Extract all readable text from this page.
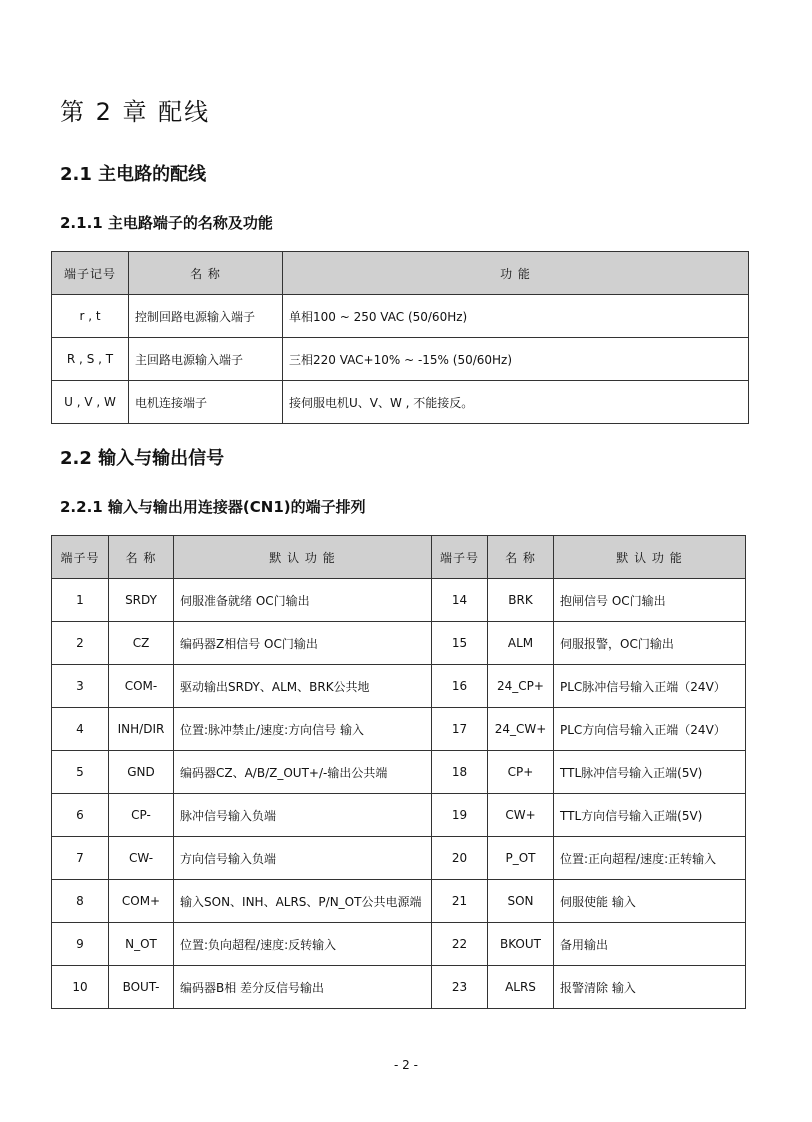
第 2 章 配线
2.1 主电路的配线
2.1.1 主电路端子的名称及功能
端子记号	名 称	功 能
r , t	控制回路电源输入端子	单相100 ~ 250 VAC (50/60Hz)
R , S , T	主回路电源输入端子	三相220 VAC+10% ~ -15% (50/60Hz)
U , V , W	电机连接端子	接伺服电机U、V、W , 不能接反。
2.2 输入与输出信号
2.2.1 输入与输出用连接器(CN1)的端子排列
端子号	名 称	默 认 功 能	端子号	名 称	默 认 功 能
1	SRDY	伺服准备就绪 OC门输出	14	BRK	抱闸信号 OC门输出
2	CZ	编码器Z相信号 OC门输出	15	ALM	伺服报警，OC门输出
3	COM-	驱动输出SRDY、ALM、BRK公共地	16	24_CP+	PLC脉冲信号输入正端（24V）
4	INH/DIR	位置:脉冲禁止/速度:方向信号 输入	17	24_CW+	PLC方向信号输入正端（24V）
5	GND	编码器CZ、A/B/Z_OUT+/-输出公共端	18	CP+	TTL脉冲信号输入正端(5V)
6	CP-	脉冲信号输入负端	19	CW+	TTL方向信号输入正端(5V)
7	CW-	方向信号输入负端	20	P_OT	位置:正向超程/速度:正转输入
8	COM+	输入SON、INH、ALRS、P/N_OT公共电源端	21	SON	伺服使能 输入
9	N_OT	位置:负向超程/速度:反转输入	22	BKOUT	备用输出
10	BOUT-	编码器B相 差分反信号输出	23	ALRS	报警清除 输入
- 2 -
